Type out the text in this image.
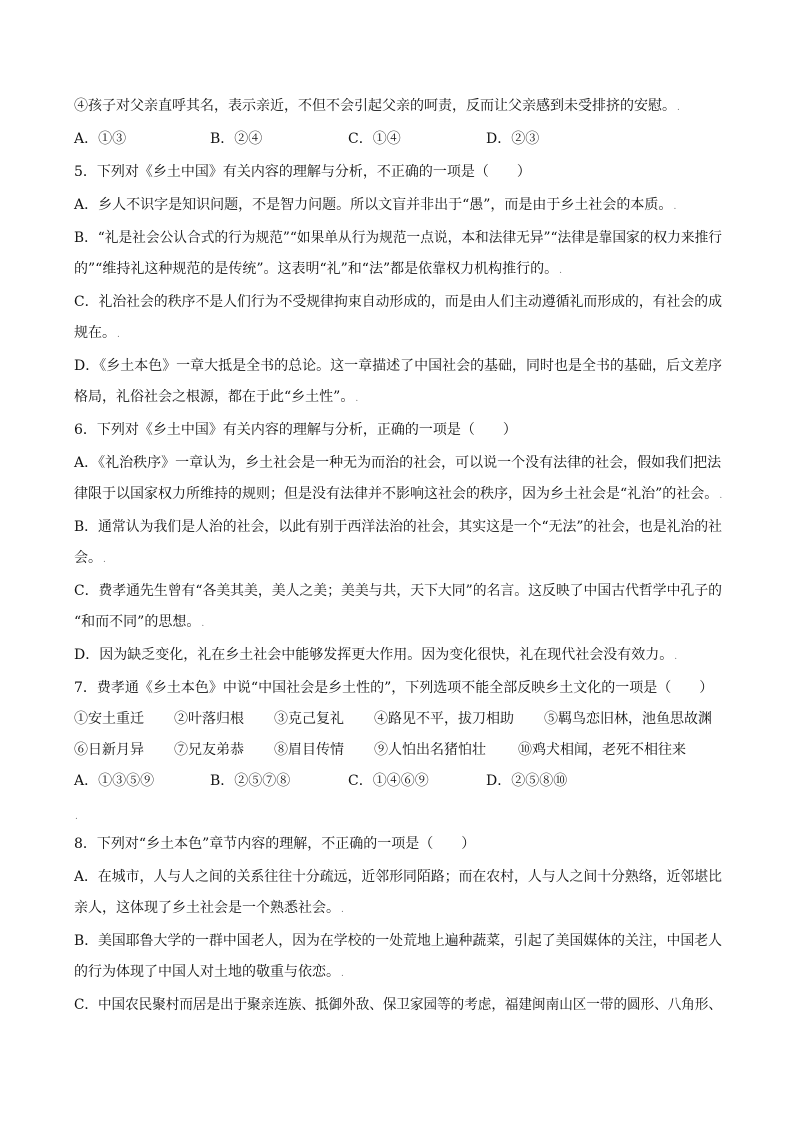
④孩子对父亲直呼其名，表示亲近，不但不会引起父亲的呵责，反而让父亲感到未受排挤的安慰。.
A．①③	B．②④	C．①④	D．②③
5．下列对《乡土中国》有关内容的理解与分析，不正确的一项是（　　）
A．乡人不识字是知识问题，不是智力问题。所以文盲并非出于“愚”，而是由于乡土社会的本质。.
B．“礼是社会公认合式的行为规范”“如果单从行为规范一点说，本和法律无异”“法律是靠国家的权力来推行
的”“维持礼这种规范的是传统”。这表明“礼”和“法”都是依靠权力机构推行的。.
C．礼治社会的秩序不是人们行为不受规律拘束自动形成的，而是由人们主动遵循礼而形成的，有社会的成
规在。.
D．《乡土本色》一章大抵是全书的总论。这一章描述了中国社会的基础，同时也是全书的基础，后文差序
格局，礼俗社会之根源，都在于此“乡土性”。.
6．下列对《乡土中国》有关内容的理解与分析，正确的一项是（　　）
A．《礼治秩序》一章认为，乡土社会是一种无为而治的社会，可以说一个没有法律的社会，假如我们把法
律限于以国家权力所维持的规则；但是没有法律并不影响这社会的秩序，因为乡土社会是“礼治”的社会。.
B．通常认为我们是人治的社会，以此有别于西洋法治的社会，其实这是一个“无法”的社会，也是礼治的社
会。.
C．费孝通先生曾有“各美其美，美人之美；美美与共，天下大同”的名言。这反映了中国古代哲学中孔子的
“和而不同”的思想。.
D．因为缺乏变化，礼在乡土社会中能够发挥更大作用。因为变化很快，礼在现代社会没有效力。.
7．费孝通《乡土本色》中说“中国社会是乡土性的”，下列选项不能全部反映乡土文化的一项是（　　）
①安土重迁 ②叶落归根 ③克己复礼 ④路见不平，拔刀相助 ⑤羁鸟恋旧林，池鱼思故渊
⑥日新月异 ⑦兄友弟恭 ⑧眉目传情 ⑨人怕出名猪怕壮 ⑩鸡犬相闻，老死不相往来
A．①③⑤⑨	B．②⑤⑦⑧	C．①④⑥⑨	D．②⑤⑧⑩
.
8．下列对“乡土本色”章节内容的理解，不正确的一项是（　　）
A．在城市，人与人之间的关系往往十分疏远，近邻形同陌路；而在农村，人与人之间十分熟络，近邻堪比
亲人，这体现了乡土社会是一个熟悉社会。.
B．美国耶鲁大学的一群中国老人，因为在学校的一处荒地上遍种蔬菜，引起了美国媒体的关注，中国老人
的行为体现了中国人对土地的敬重与依恋。.
C．中国农民聚村而居是出于聚亲连族、抵御外敌、保卫家园等的考虑，福建闽南山区一带的圆形、八角形、
